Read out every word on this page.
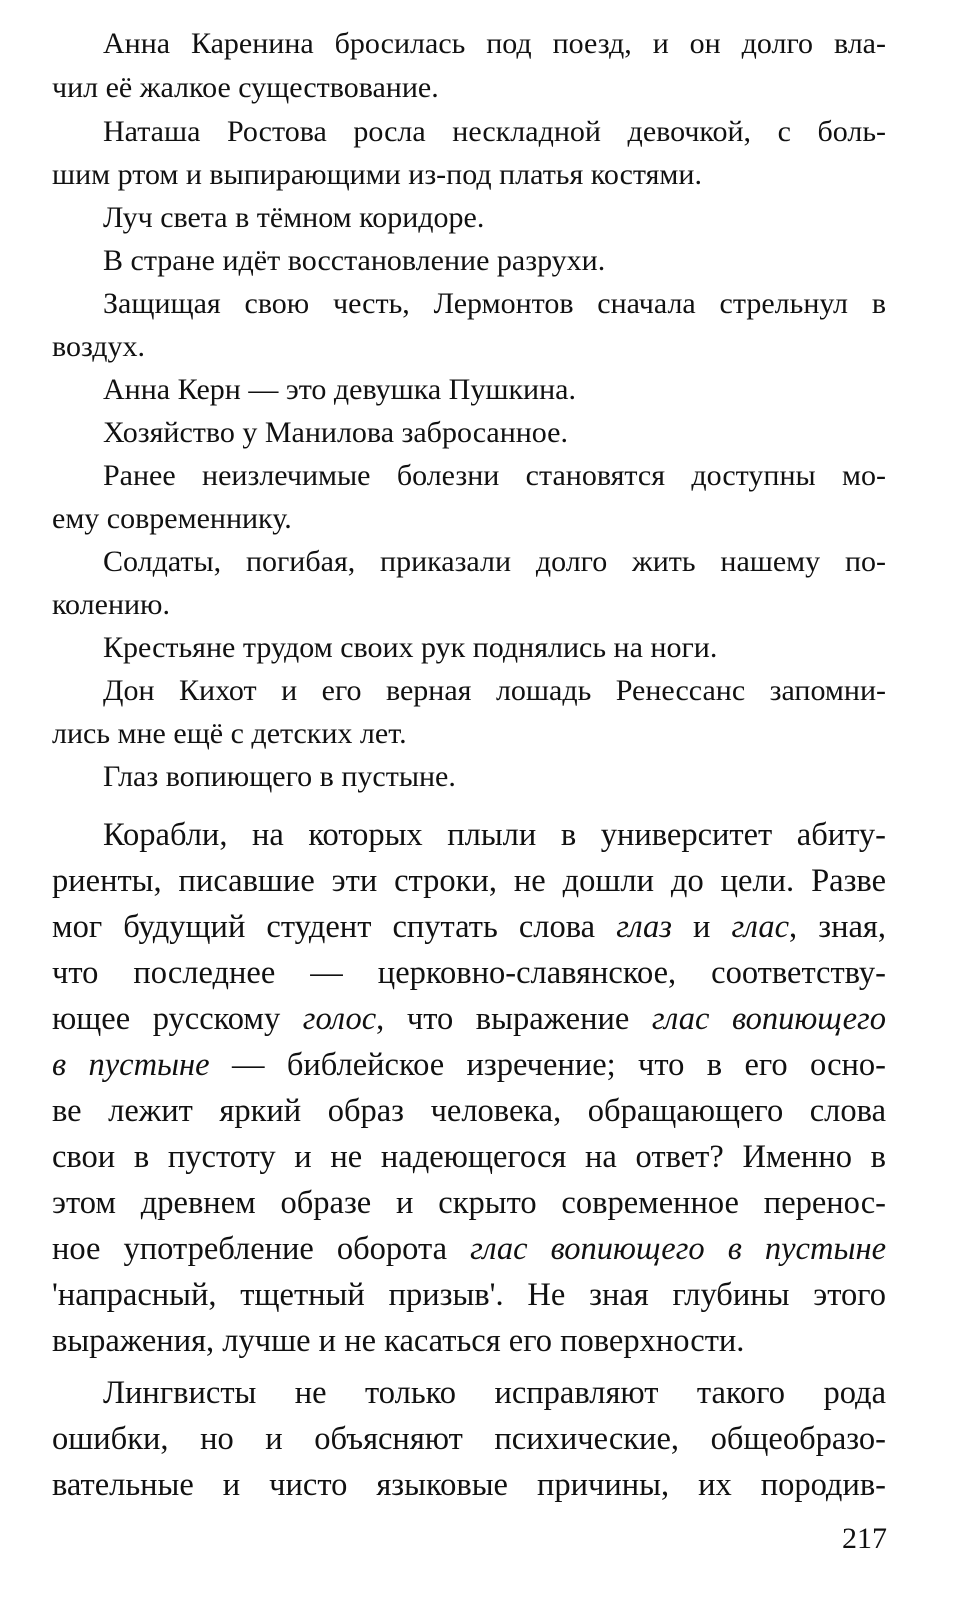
Анна Каренина бросилась под поезд, и он долго вла-
чил её жалкое существование.
Наташа Ростова росла нескладной девочкой, с боль-
шим ртом и выпирающими из-под платья костями.
Луч света в тёмном коридоре.
В стране идёт восстановление разрухи.
Защищая свою честь, Лермонтов сначала стрельнул в
воздух.
Анна Керн — это девушка Пушкина.
Хозяйство у Манилова забросанное.
Ранее неизлечимые болезни становятся доступны мо-
ему современнику.
Солдаты, погибая, приказали долго жить нашему по-
колению.
Крестьяне трудом своих рук поднялись на ноги.
Дон Кихот и его верная лошадь Ренессанс запомни-
лись мне ещё с детских лет.
Глаз вопиющего в пустыне.
Корабли, на которых плыли в университет абиту-
риенты, писавшие эти строки, не дошли до цели. Разве
мог будущий студент спутать слова глаз и глас, зная,
что последнее — церковно-славянское, соответству-
ющее русскому голос, что выражение глас вопиющего
в пустыне — библейское изречение; что в его осно-
ве лежит яркий образ человека, обращающего слова
свои в пустоту и не надеющегося на ответ? Именно в
этом древнем образе и скрыто современное перенос-
ное употребление оборота глас вопиющего в пустыне
'напрасный, тщетный призыв'. Не зная глубины этого
выражения, лучше и не касаться его поверхности.
Лингвисты не только исправляют такого рода
ошибки, но и объясняют психические, общеобразо-
вательные и чисто языковые причины, их породив-
217
